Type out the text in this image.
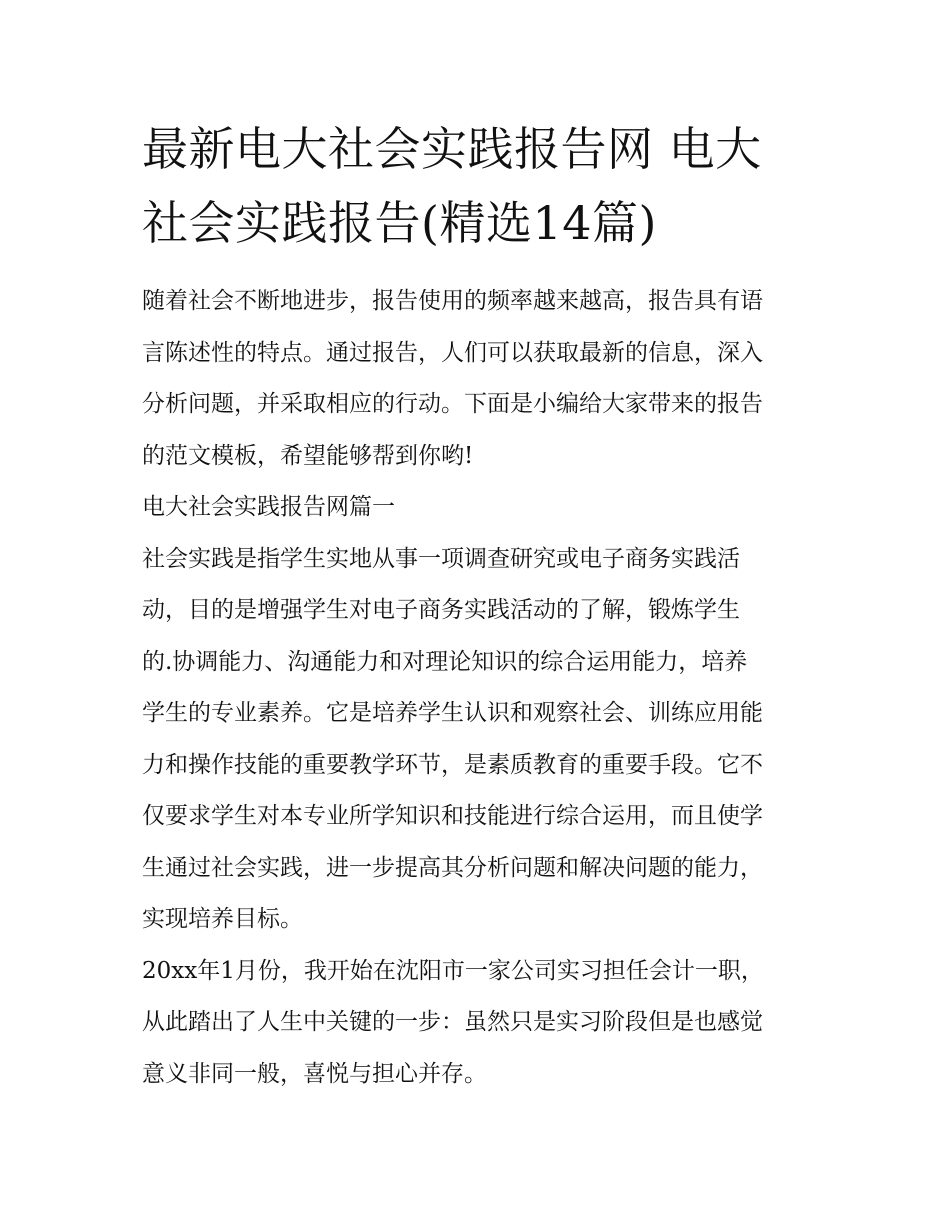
最新电大社会实践报告网 电大
社会实践报告(精选14篇)
随着社会不断地进步，报告使用的频率越来越高，报告具有语
言陈述性的特点。通过报告，人们可以获取最新的信息，深入
分析问题，并采取相应的行动。下面是小编给大家带来的报告
的范文模板，希望能够帮到你哟!
电大社会实践报告网篇一
社会实践是指学生实地从事一项调查研究或电子商务实践活
动，目的是增强学生对电子商务实践活动的了解，锻炼学生
的.协调能力、沟通能力和对理论知识的综合运用能力，培养
学生的专业素养。它是培养学生认识和观察社会、训练应用能
力和操作技能的重要教学环节，是素质教育的重要手段。它不
仅要求学生对本专业所学知识和技能进行综合运用，而且使学
生通过社会实践，进一步提高其分析问题和解决问题的能力，
实现培养目标。
20xx年1月份，我开始在沈阳市一家公司实习担任会计一职，
从此踏出了人生中关键的一步：虽然只是实习阶段但是也感觉
意义非同一般，喜悦与担心并存。
